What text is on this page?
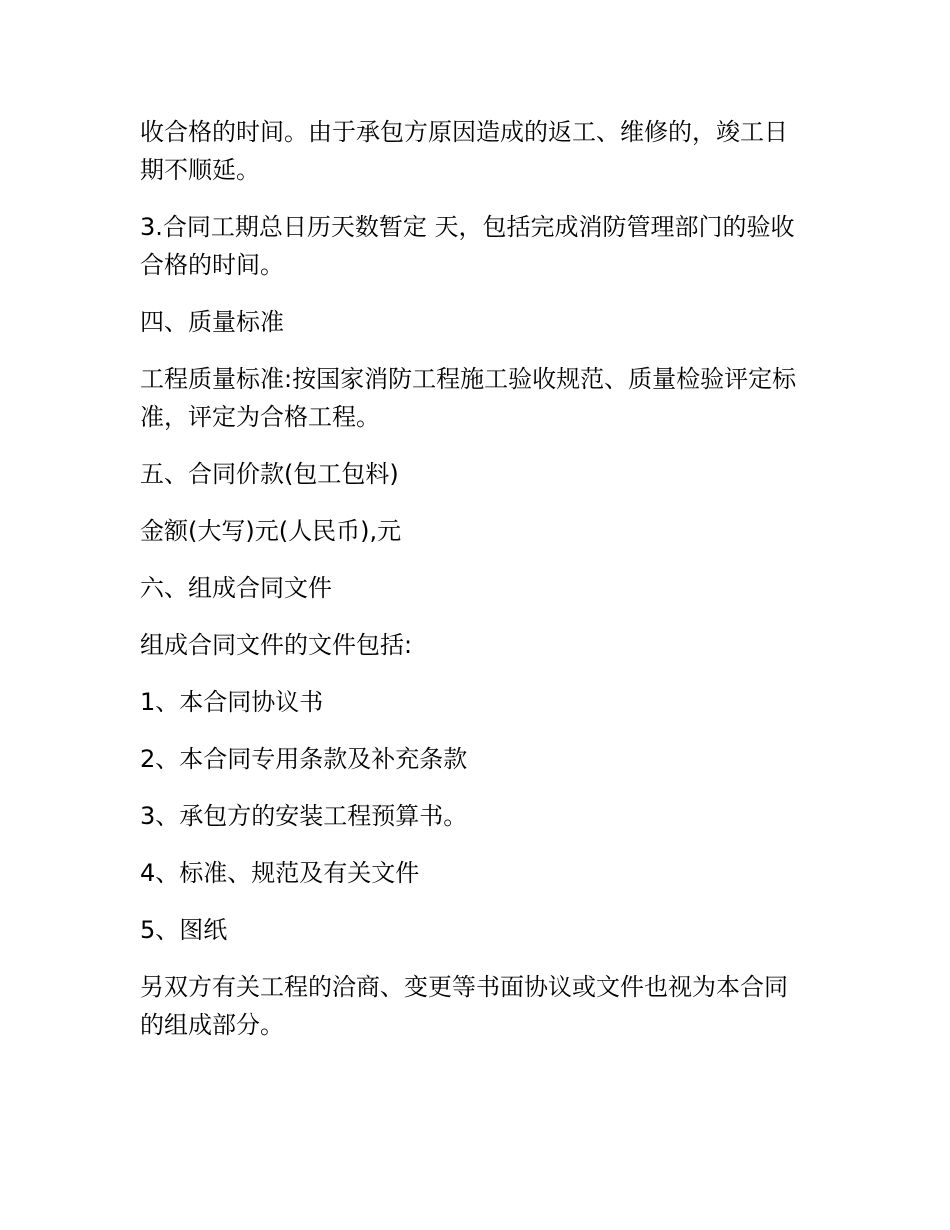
收合格的时间。由于承包方原因造成的返工、维修的，竣工日期不顺延。

3.合同工期总日历天数暂定 天，包括完成消防管理部门的验收合格的时间。

四、质量标准

工程质量标准:按国家消防工程施工验收规范、质量检验评定标准，评定为合格工程。

五、合同价款(包工包料)

金额(大写)元(人民币),元

六、组成合同文件

组成合同文件的文件包括:

1、本合同协议书

2、本合同专用条款及补充条款

3、承包方的安装工程预算书。

4、标准、规范及有关文件

5、图纸

另双方有关工程的洽商、变更等书面协议或文件也视为本合同的组成部分。
